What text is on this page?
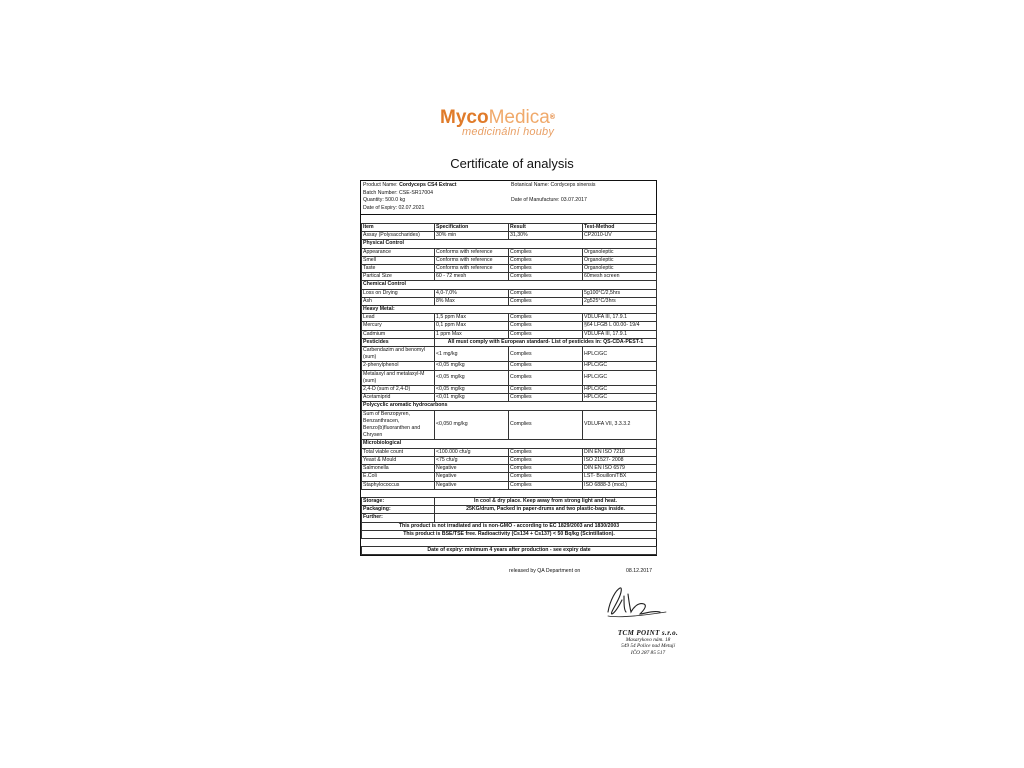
MycoMedica®
medicinální houby
Certificate of analysis
Product Name: Cordyceps CS4 Extract	Botanical Name: Cordyceps sinensis
Batch Number: CSE-SR17004
Quantity: 500.0 kg	Date of Manufacture: 03.07.2017
Date of Expiry: 02.07.2021
Item	Specification	Result	Test-Method
Assay (Polysaccharides)	30% min	31,30%	CP2010-UV
Physical Control			
Appearance	Conforms with reference	Complies	Organoleptic
Smell	Conforms with reference	Complies	Organoleptic
Taste	Conforms with reference	Complies	Organoleptic
Partical Size	60 - 72 mesh	Complies	60mesh screen
Chemical Control			
Loss on Drying	4,0-7,0%	Complies	5g100°C/2,5hrs
Ash	8% Max	Complies	2g525°C/3hrs
Heavy Metal:			
Lead	1,5 ppm Max	Complies	VDLUFA III, 17.9.1
Mercury	0,1 ppm Max	Complies	§64 LFGB L 00.00- 19/4
Cadmium	1 ppm Max	Complies	VDLUFA III, 17.9.1
Pesticides	All must comply with European standard- List of pesticides in: QS-CDA-PEST-1		
Carbendazim and benomyl (sum)	<1 mg/kg	Complies	HPLC/GC
2-phenylphenol	<0,05 mg/kg	Complies	HPLC/GC
Metalaxyl and metalaxyl-M (sum)	<0,05 mg/kg	Complies	HPLC/GC
2,4-D (sum of 2,4-D)	<0,05 mg/kg	Complies	HPLC/GC
Acetamiprid	<0,01 mg/kg	Complies	HPLC/GC
Polycyclic aromatic hydrocarbons			
Sum of Benzopyren, Benzanthracen, Benzo(b)fluoranthen and Chrysen	<0,050 mg/kg	Complies	VDLUFA VII, 3.3.3.2
Microbiological			
Total viable count	<100.000 cfu/g	Complies	DIN EN ISO 7218
Yeast & Mould	<75 cfu/g	Complies	ISO 21527- 2008
Salmonella	Negative	Complies	DIN EN ISO 6579
E.Coli	Negative	Complies	LST- Bouillon/TBX
Staphylococcus	Negative	Complies	ISO 6888-3 (mod.)

Storage:	In cool & dry place. Keep away from strong light and heat.		
Packaging:	25KG/drum, Packed in paper-drums and two plastic-bags inside.		
Further:			
This product is not irradiated and is non-GMO - according to EC 1829/2003 and 1830/2003			
This product is BSE/TSE free. Radioactivity (Cs134 + Cs137) < 50 Bq/kg (Scintillation).			

Date of expiry: minimum 4 years after production - see expiry date			
released by QA Department on	08.12.2017
TCM POINT s.r.o.
Masarykovo nám. 18
549 54 Police nad Metují
IČO 287 85 517
